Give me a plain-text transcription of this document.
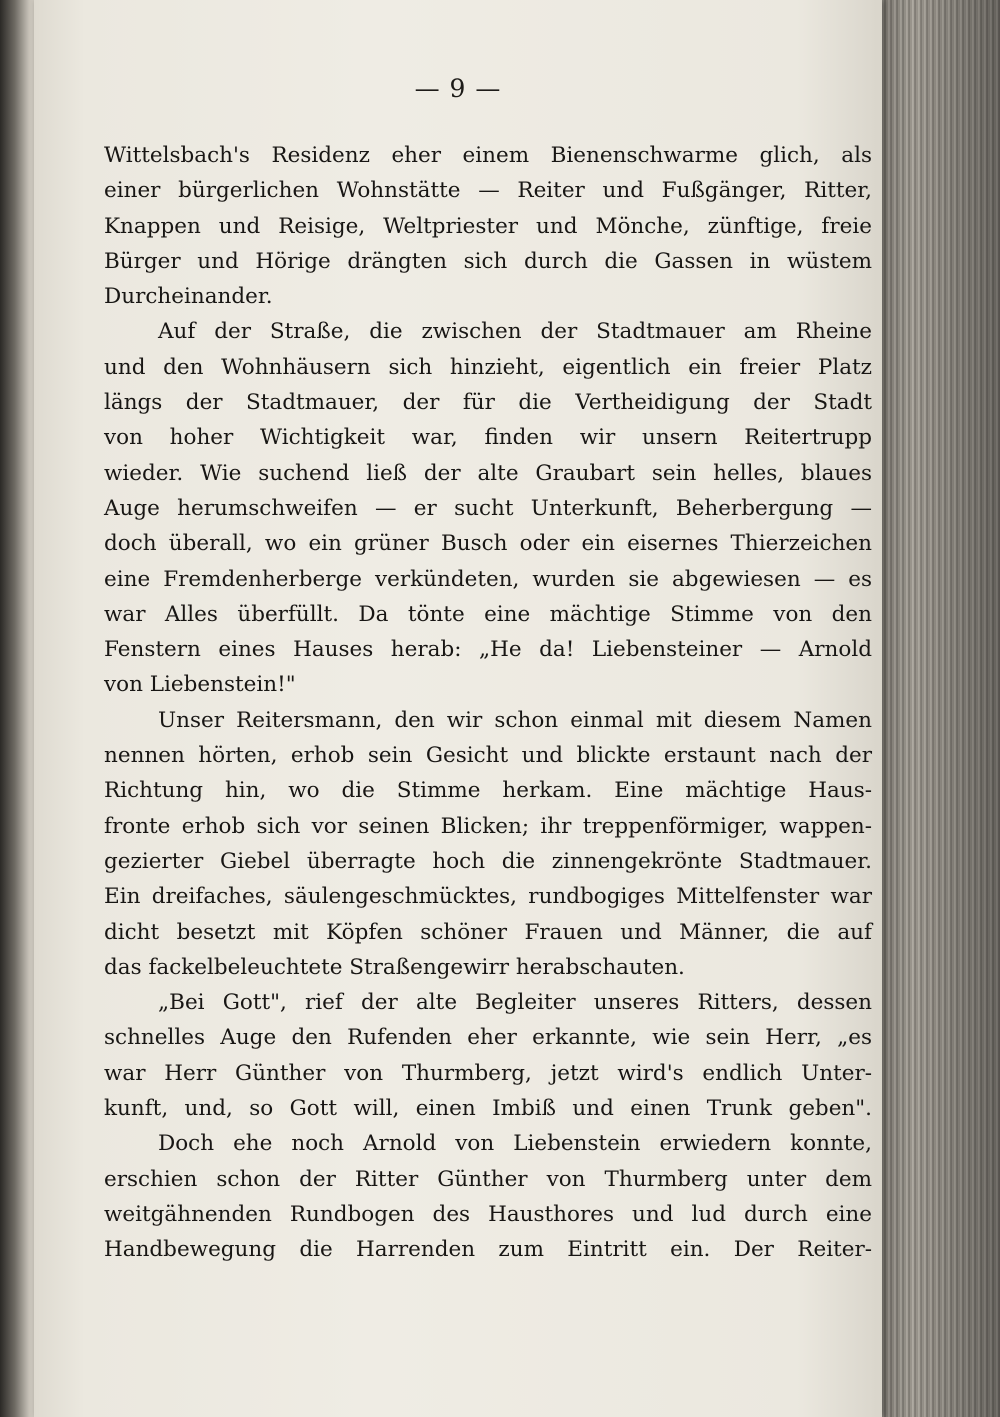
— 9 —
Wittelsbach's Residenz eher einem Bienenschwarme glich, als
einer bürgerlichen Wohnstätte — Reiter und Fußgänger, Ritter,
Knappen und Reisige, Weltpriester und Mönche, zünftige, freie
Bürger und Hörige drängten sich durch die Gassen in wüstem
Durcheinander.
Auf der Straße, die zwischen der Stadtmauer am Rheine
und den Wohnhäusern sich hinzieht, eigentlich ein freier Platz
längs der Stadtmauer, der für die Vertheidigung der Stadt
von hoher Wichtigkeit war, finden wir unsern Reitertrupp
wieder. Wie suchend ließ der alte Graubart sein helles, blaues
Auge herumschweifen — er sucht Unterkunft, Beherbergung —
doch überall, wo ein grüner Busch oder ein eisernes Thierzeichen
eine Fremdenherberge verkündeten, wurden sie abgewiesen — es
war Alles überfüllt. Da tönte eine mächtige Stimme von den
Fenstern eines Hauses herab: „He da! Liebensteiner — Arnold
von Liebenstein!"
Unser Reitersmann, den wir schon einmal mit diesem Namen
nennen hörten, erhob sein Gesicht und blickte erstaunt nach der
Richtung hin, wo die Stimme herkam. Eine mächtige Haus-
fronte erhob sich vor seinen Blicken; ihr treppenförmiger, wappen-
gezierter Giebel überragte hoch die zinnengekrönte Stadtmauer.
Ein dreifaches, säulengeschmücktes, rundbogiges Mittelfenster war
dicht besetzt mit Köpfen schöner Frauen und Männer, die auf
das fackelbeleuchtete Straßengewirr herabschauten.
„Bei Gott", rief der alte Begleiter unseres Ritters, dessen
schnelles Auge den Rufenden eher erkannte, wie sein Herr, „es
war Herr Günther von Thurmberg, jetzt wird's endlich Unter-
kunft, und, so Gott will, einen Imbiß und einen Trunk geben".
Doch ehe noch Arnold von Liebenstein erwiedern konnte,
erschien schon der Ritter Günther von Thurmberg unter dem
weitgähnenden Rundbogen des Hausthores und lud durch eine
Handbewegung die Harrenden zum Eintritt ein. Der Reiter-
